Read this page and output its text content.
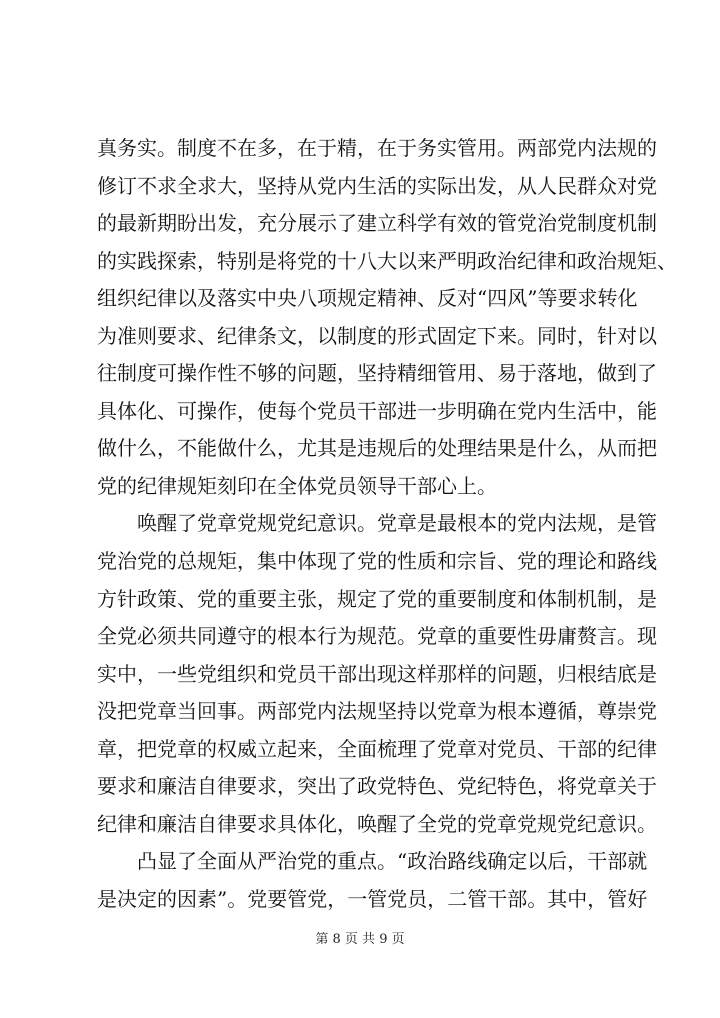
真务实。制度不在多，在于精，在于务实管用。两部党内法规的
修订不求全求大，坚持从党内生活的实际出发，从人民群众对党
的最新期盼出发，充分展示了建立科学有效的管党治党制度机制
的实践探索，特别是将党的十八大以来严明政治纪律和政治规矩、
组织纪律以及落实中央八项规定精神、反对“四风”等要求转化
为准则要求、纪律条文，以制度的形式固定下来。同时，针对以
往制度可操作性不够的问题，坚持精细管用、易于落地，做到了
具体化、可操作，使每个党员干部进一步明确在党内生活中，能
做什么，不能做什么，尤其是违规后的处理结果是什么，从而把
党的纪律规矩刻印在全体党员领导干部心上。
　　唤醒了党章党规党纪意识。党章是最根本的党内法规，是管
党治党的总规矩，集中体现了党的性质和宗旨、党的理论和路线
方针政策、党的重要主张，规定了党的重要制度和体制机制，是
全党必须共同遵守的根本行为规范。党章的重要性毋庸赘言。现
实中，一些党组织和党员干部出现这样那样的问题，归根结底是
没把党章当回事。两部党内法规坚持以党章为根本遵循，尊崇党
章，把党章的权威立起来，全面梳理了党章对党员、干部的纪律
要求和廉洁自律要求，突出了政党特色、党纪特色，将党章关于
纪律和廉洁自律要求具体化，唤醒了全党的党章党规党纪意识。
　　凸显了全面从严治党的重点。“政治路线确定以后，干部就
是决定的因素”。党要管党，一管党员，二管干部。其中，管好
第 8 页 共 9 页
